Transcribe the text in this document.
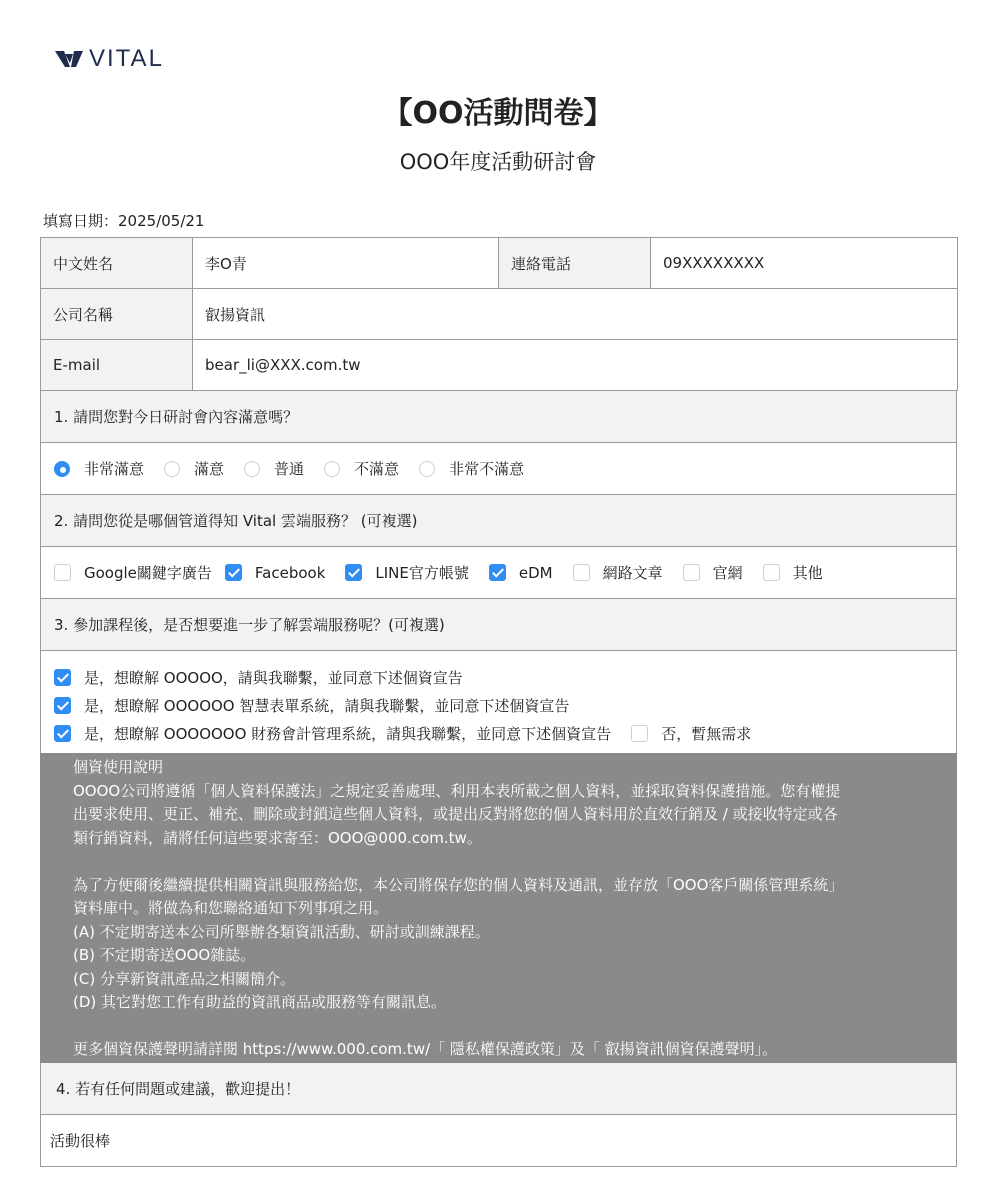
VITAL
【OO活動問卷】
OOO年度活動研討會
填寫日期：2025/05/21
中文姓名	李O青	連絡電話	09XXXXXXXX
公司名稱	叡揚資訊		
E-mail	bear_li@XXX.com.tw		
1. 請問您對今日研討會內容滿意嗎？
非常滿意	滿意	普通	不滿意	非常不滿意
2. 請問您從是哪個管道得知 Vital 雲端服務？ (可複選)
Google關鍵字廣告	Facebook	LINE官方帳號	eDM	網路文章	官網	其他
3. 參加課程後，是否想要進一步了解雲端服務呢？(可複選)
是，想瞭解 OOOOO，請與我聯繫，並同意下述個資宣告
是，想瞭解 OOOOOO 智慧表單系統，請與我聯繫，並同意下述個資宣告
是，想瞭解 OOOOOOO 財務會計管理系統，請與我聯繫，並同意下述個資宣告	否，暫無需求

個資使用說明

OOOO公司將遵循「個人資料保護法」之規定妥善處理、利用本表所載之個人資料，並採取資料保護措施。您有權提

出要求使用、更正、補充、刪除或封鎖這些個人資料，或提出反對將您的個人資料用於直效行銷及 / 或接收特定或各

類行銷資料，請將任何這些要求寄至：OOO@000.com.tw。

為了方便爾後繼續提供相關資訊與服務給您，本公司將保存您的個人資料及通訊，並存放「OOO客戶關係管理系統」

資料庫中。將做為和您聯絡通知下列事項之用。

(A) 不定期寄送本公司所舉辦各類資訊活動、研討或訓練課程。

(B) 不定期寄送OOO雜誌。

(C) 分享新資訊產品之相關簡介。

(D) 其它對您工作有助益的資訊商品或服務等有關訊息。

更多個資保護聲明請詳閱 https://www.000.com.tw/「 隱私權保護政策」及「 叡揚資訊個資保護聲明」。

4. 若有任何問題或建議，歡迎提出！
活動很棒
